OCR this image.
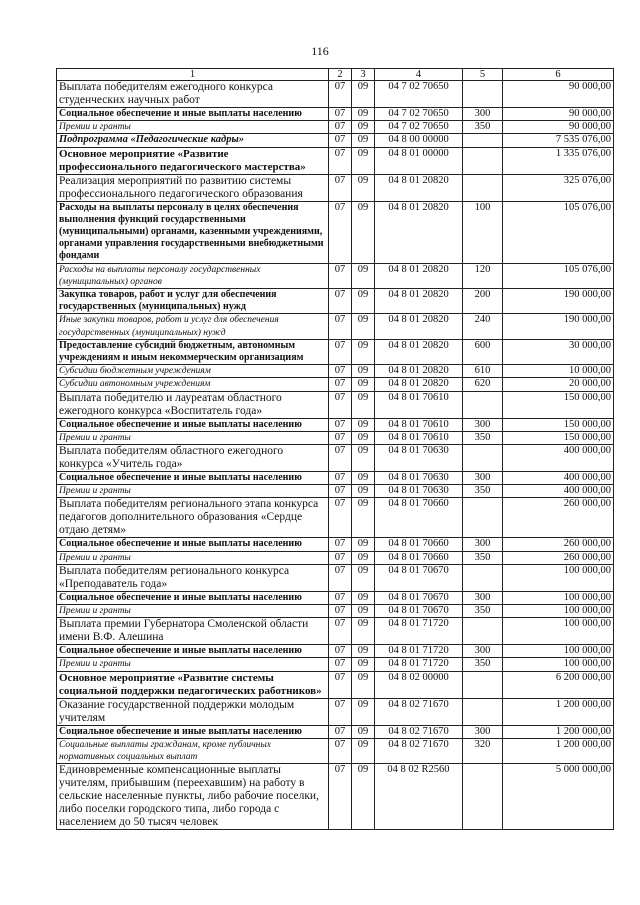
116
1	2	3	4	5	6
Выплата победителям ежегодного конкурса студенческих научных работ	07	09	04 7 02 70650		90 000,00
Социальное обеспечение и иные выплаты населению	07	09	04 7 02 70650	300	90 000,00
Премии и гранты	07	09	04 7 02 70650	350	90 000,00
Подпрограмма «Педагогические кадры»	07	09	04 8 00 00000		7 535 076,00
Основное мероприятие «Развитие профессионального педагогического мастерства»	07	09	04 8 01 00000		1 335 076,00
Реализация мероприятий по развитию системы профессионального педагогического образования	07	09	04 8 01 20820		325 076,00
Расходы на выплаты персоналу в целях обеспечения выполнения функций государственными (муниципальными) органами, казенными учреждениями, органами управления государственными внебюджетными фондами	07	09	04 8 01 20820	100	105 076,00
Расходы на выплаты персоналу государственных (муниципальных) органов	07	09	04 8 01 20820	120	105 076,00
Закупка товаров, работ и услуг для обеспечения государственных (муниципальных) нужд	07	09	04 8 01 20820	200	190 000,00
Иные закупки товаров, работ и услуг для обеспечения государственных (муниципальных) нужд	07	09	04 8 01 20820	240	190 000,00
Предоставление субсидий бюджетным, автономным учреждениям и иным некоммерческим организациям	07	09	04 8 01 20820	600	30 000,00
Субсидии бюджетным учреждениям	07	09	04 8 01 20820	610	10 000,00
Субсидии автономным учреждениям	07	09	04 8 01 20820	620	20 000,00
Выплата победителю и лауреатам областного ежегодного конкурса «Воспитатель года»	07	09	04 8 01 70610		150 000,00
Социальное обеспечение и иные выплаты населению	07	09	04 8 01 70610	300	150 000,00
Премии и гранты	07	09	04 8 01 70610	350	150 000,00
Выплата победителям областного ежегодного конкурса «Учитель года»	07	09	04 8 01 70630		400 000,00
Социальное обеспечение и иные выплаты населению	07	09	04 8 01 70630	300	400 000,00
Премии и гранты	07	09	04 8 01 70630	350	400 000,00
Выплата победителям регионального этапа конкурса педагогов дополнительного образования «Сердце отдаю детям»	07	09	04 8 01 70660		260 000,00
Социальное обеспечение и иные выплаты населению	07	09	04 8 01 70660	300	260 000,00
Премии и гранты	07	09	04 8 01 70660	350	260 000,00
Выплата победителям регионального конкурса «Преподаватель года»	07	09	04 8 01 70670		100 000,00
Социальное обеспечение и иные выплаты населению	07	09	04 8 01 70670	300	100 000,00
Премии и гранты	07	09	04 8 01 70670	350	100 000,00
Выплата премии Губернатора Смоленской области имени В.Ф. Алешина	07	09	04 8 01 71720		100 000,00
Социальное обеспечение и иные выплаты населению	07	09	04 8 01 71720	300	100 000,00
Премии и гранты	07	09	04 8 01 71720	350	100 000,00
Основное мероприятие «Развитие системы социальной поддержки педагогических работников»	07	09	04 8 02 00000		6 200 000,00
Оказание государственной поддержки молодым учителям	07	09	04 8 02 71670		1 200 000,00
Социальное обеспечение и иные выплаты населению	07	09	04 8 02 71670	300	1 200 000,00
Социальные выплаты гражданам, кроме публичных нормативных социальных выплат	07	09	04 8 02 71670	320	1 200 000,00
Единовременные компенсационные выплаты учителям, прибывшим (переехавшим) на работу в сельские населенные пункты, либо рабочие поселки, либо поселки городского типа, либо города с населением до 50 тысяч человек	07	09	04 8 02 R2560		5 000 000,00
